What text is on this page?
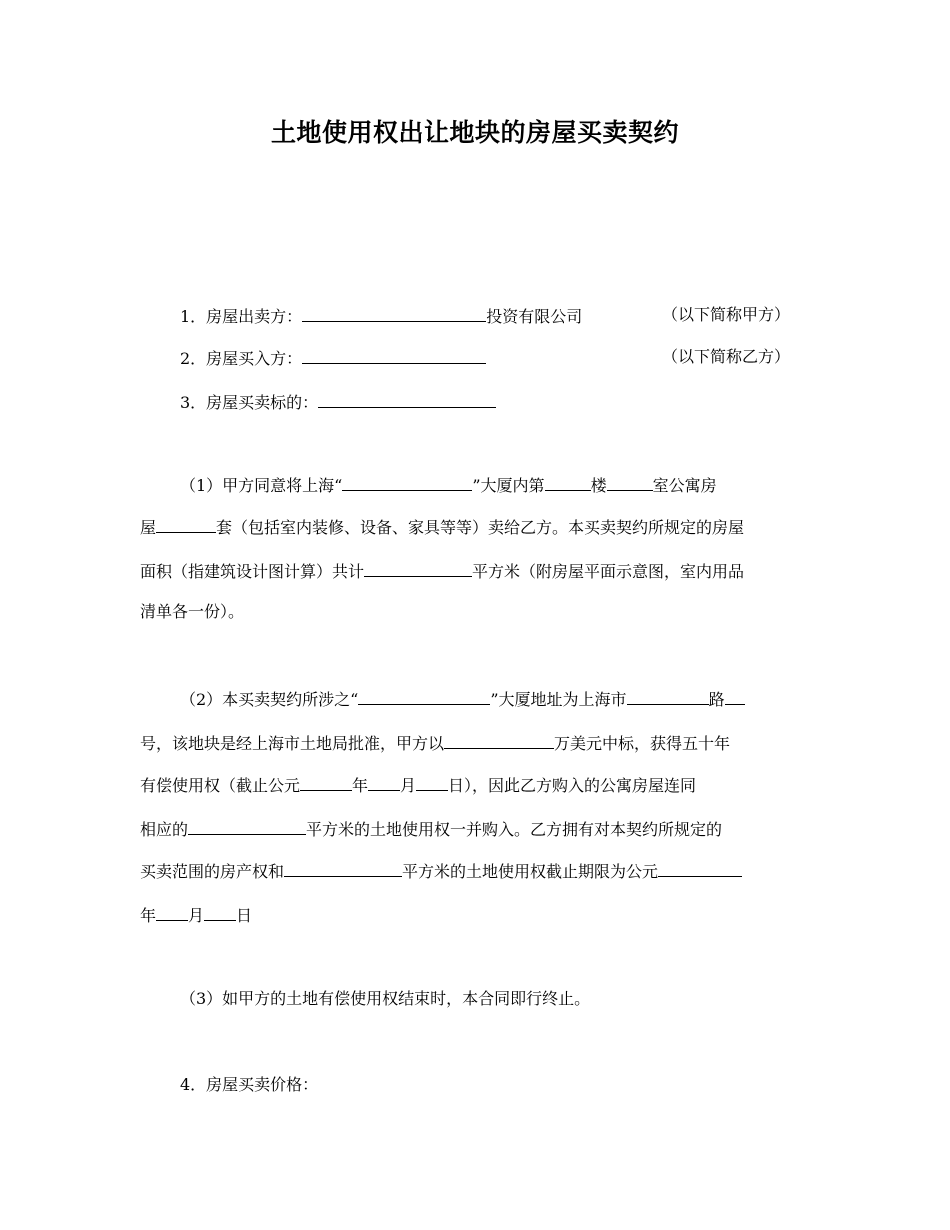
土地使用权出让地块的房屋买卖契约
1．房屋出卖方：	投资有限公司	（以下简称甲方）
2．房屋买入方：	（以下简称乙方）
3．房屋买卖标的：
（1）甲方同意将上海“	”大厦内第	楼	室公寓房
屋	套（包括室内装修、设备、家具等等）卖给乙方。本买卖契约所规定的房屋
面积（指建筑设计图计算）共计	平方米（附房屋平面示意图，室内用品
清单各一份）。
（2）本买卖契约所涉之“	”大厦地址为上海市	路
号，该地块是经上海市土地局批准，甲方以	万美元中标，获得五十年
有偿使用权（截止公元	年 月 日），因此乙方购入的公寓房屋连同
相应的	平方米的土地使用权一并购入。乙方拥有对本契约所规定的
买卖范围的房产权和	平方米的土地使用权截止期限为公元
年 月 日
（3）如甲方的土地有偿使用权结束时，本合同即行终止。
4．房屋买卖价格：
